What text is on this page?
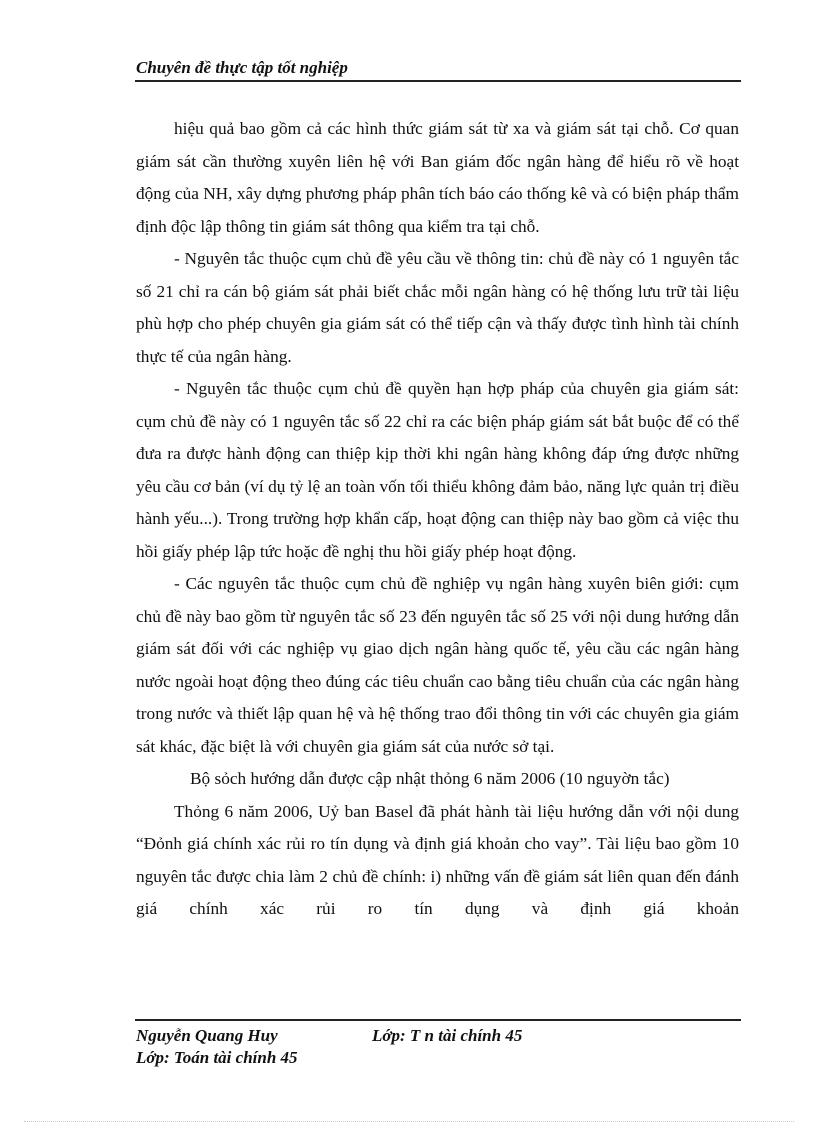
Chuyên đề thực tập tốt nghiệp

hiệu quả bao gồm cả các hình thức giám sát từ xa và giám sát tại chỗ. Cơ quan giám sát cần thường xuyên liên hệ với Ban giám đốc ngân hàng để hiểu rõ về hoạt động của NH, xây dựng phương pháp phân tích báo cáo thống kê và có biện pháp thẩm định độc lập thông tin giám sát thông qua kiểm tra tại chỗ.

- Nguyên tắc thuộc cụm chủ đề yêu cầu về thông tin: chủ đề này có 1 nguyên tắc số 21 chỉ ra cán bộ giám sát phải biết chắc mỗi ngân hàng có hệ thống lưu trữ tài liệu phù hợp cho phép chuyên gia giám sát có thể tiếp cận và thấy được tình hình tài chính thực tế của ngân hàng.

- Nguyên tắc thuộc cụm chủ đề quyền hạn hợp pháp của chuyên gia giám sát: cụm chủ đề này có 1 nguyên tắc số 22 chỉ ra các biện pháp giám sát bắt buộc để có thể đưa ra được hành động can thiệp kịp thời khi ngân hàng không đáp ứng được những yêu cầu cơ bản (ví dụ tỷ lệ an toàn vốn tối thiểu không đảm bảo, năng lực quản trị điều hành yếu...). Trong trường hợp khẩn cấp, hoạt động can thiệp này bao gồm cả việc thu hồi giấy phép lập tức hoặc đề nghị thu hồi giấy phép hoạt động.

- Các nguyên tắc thuộc cụm chủ đề nghiệp vụ ngân hàng xuyên biên giới: cụm chủ đề này bao gồm từ nguyên tắc số 23 đến nguyên tắc số 25 với nội dung hướng dẫn giám sát đối với các nghiệp vụ giao dịch ngân hàng quốc tế, yêu cầu các ngân hàng nước ngoài hoạt động theo đúng các tiêu chuẩn cao bằng tiêu chuẩn của các ngân hàng trong nước và thiết lập quan hệ và hệ thống trao đổi thông tin với các chuyên gia giám sát khác, đặc biệt là với chuyên gia giám sát của nước sở tại.

Bộ sỏch hướng dẫn được cập nhật thỏng 6 năm 2006 (10 nguyờn tắc)

Thỏng 6 năm 2006, Uỷ ban Basel đã phát hành tài liệu hướng dẫn với nội dung “Đỏnh giá chính xác rủi ro tín dụng và định giá khoản cho vay”. Tài liệu bao gồm 10 nguyên tắc được chia làm 2 chủ đề chính: i) những vấn đề giám sát liên quan đến đánh giá chính xác rủi ro tín dụng và định giá khoản

Nguyễn Quang Huy	Lớp: T n tài chính 45
Lớp: Toán tài chính 45
